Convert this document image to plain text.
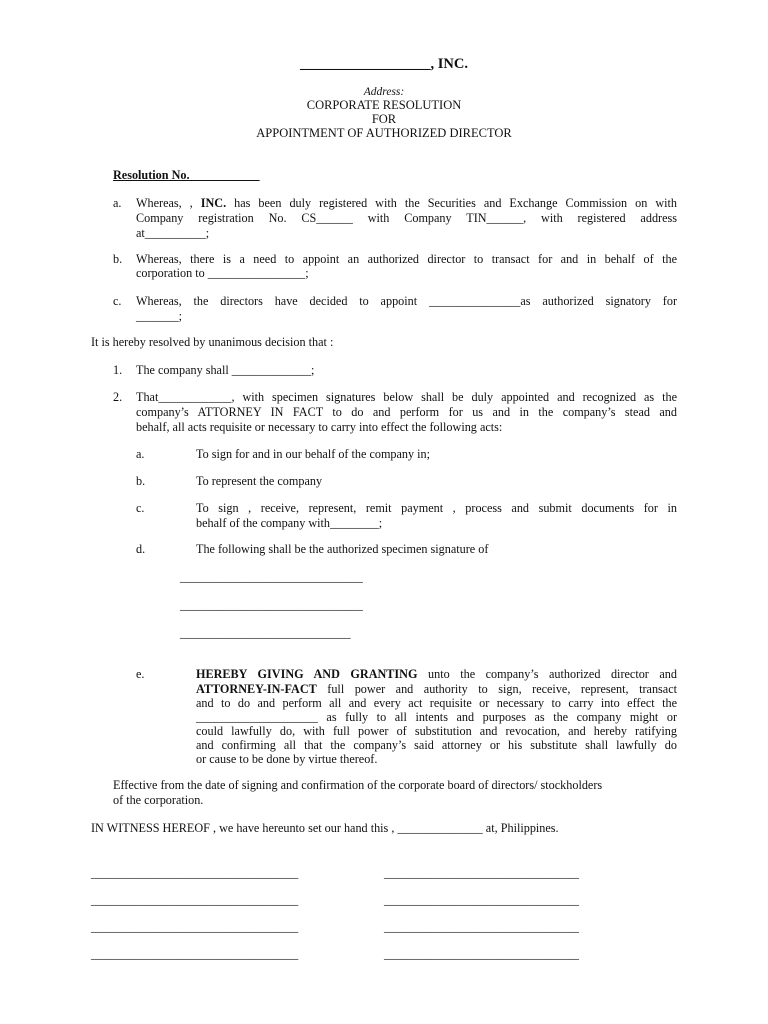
__________________, INC.
Address:
CORPORATE RESOLUTION
FOR
APPOINTMENT OF AUTHORIZED DIRECTOR
Resolution No.
a. Whereas, , INC. has been duly registered with the Securities and Exchange Commission on with
Company registration No. CS______ with Company TIN______, with registered address
at__________;
b. Whereas, there is a need to appoint an authorized director to transact for and in behalf of the
corporation to ________________;
c. Whereas, the directors have decided to appoint _______________as authorized signatory for
_______;
It is hereby resolved by unanimous decision that :
1. The company shall _____________;
2. That____________, with specimen signatures below shall be duly appointed and recognized as the
company’s ATTORNEY IN FACT to do and perform for us and in the company’s stead and
behalf, all acts requisite or necessary to carry into effect the following acts:
a.	To sign for and in our behalf of the company in;
b.	To represent the company
c.	To sign , receive, represent, remit payment , process and submit documents for in
behalf of the company with________;
d.	The following shall be the authorized specimen signature of
______________________________
______________________________
____________________________
e.	HEREBY GIVING AND GRANTING unto the company’s authorized director and
ATTORNEY-IN-FACT full power and authority to sign, receive, represent, transact
and to do and perform all and every act requisite or necessary to carry into effect the
____________________ as fully to all intents and purposes as the company might or
could lawfully do, with full power of substitution and revocation, and hereby ratifying
and confirming all that the company’s said attorney or his substitute shall lawfully do
or cause to be done by virtue thereof.
Effective from the date of signing and confirmation of the corporate board of directors/ stockholders
of the corporation.
IN WITNESS HEREOF , we have hereunto set our hand this , ______________ at, Philippines.
__________________________________
__________________________________
__________________________________
__________________________________
________________________________
________________________________
________________________________
________________________________
